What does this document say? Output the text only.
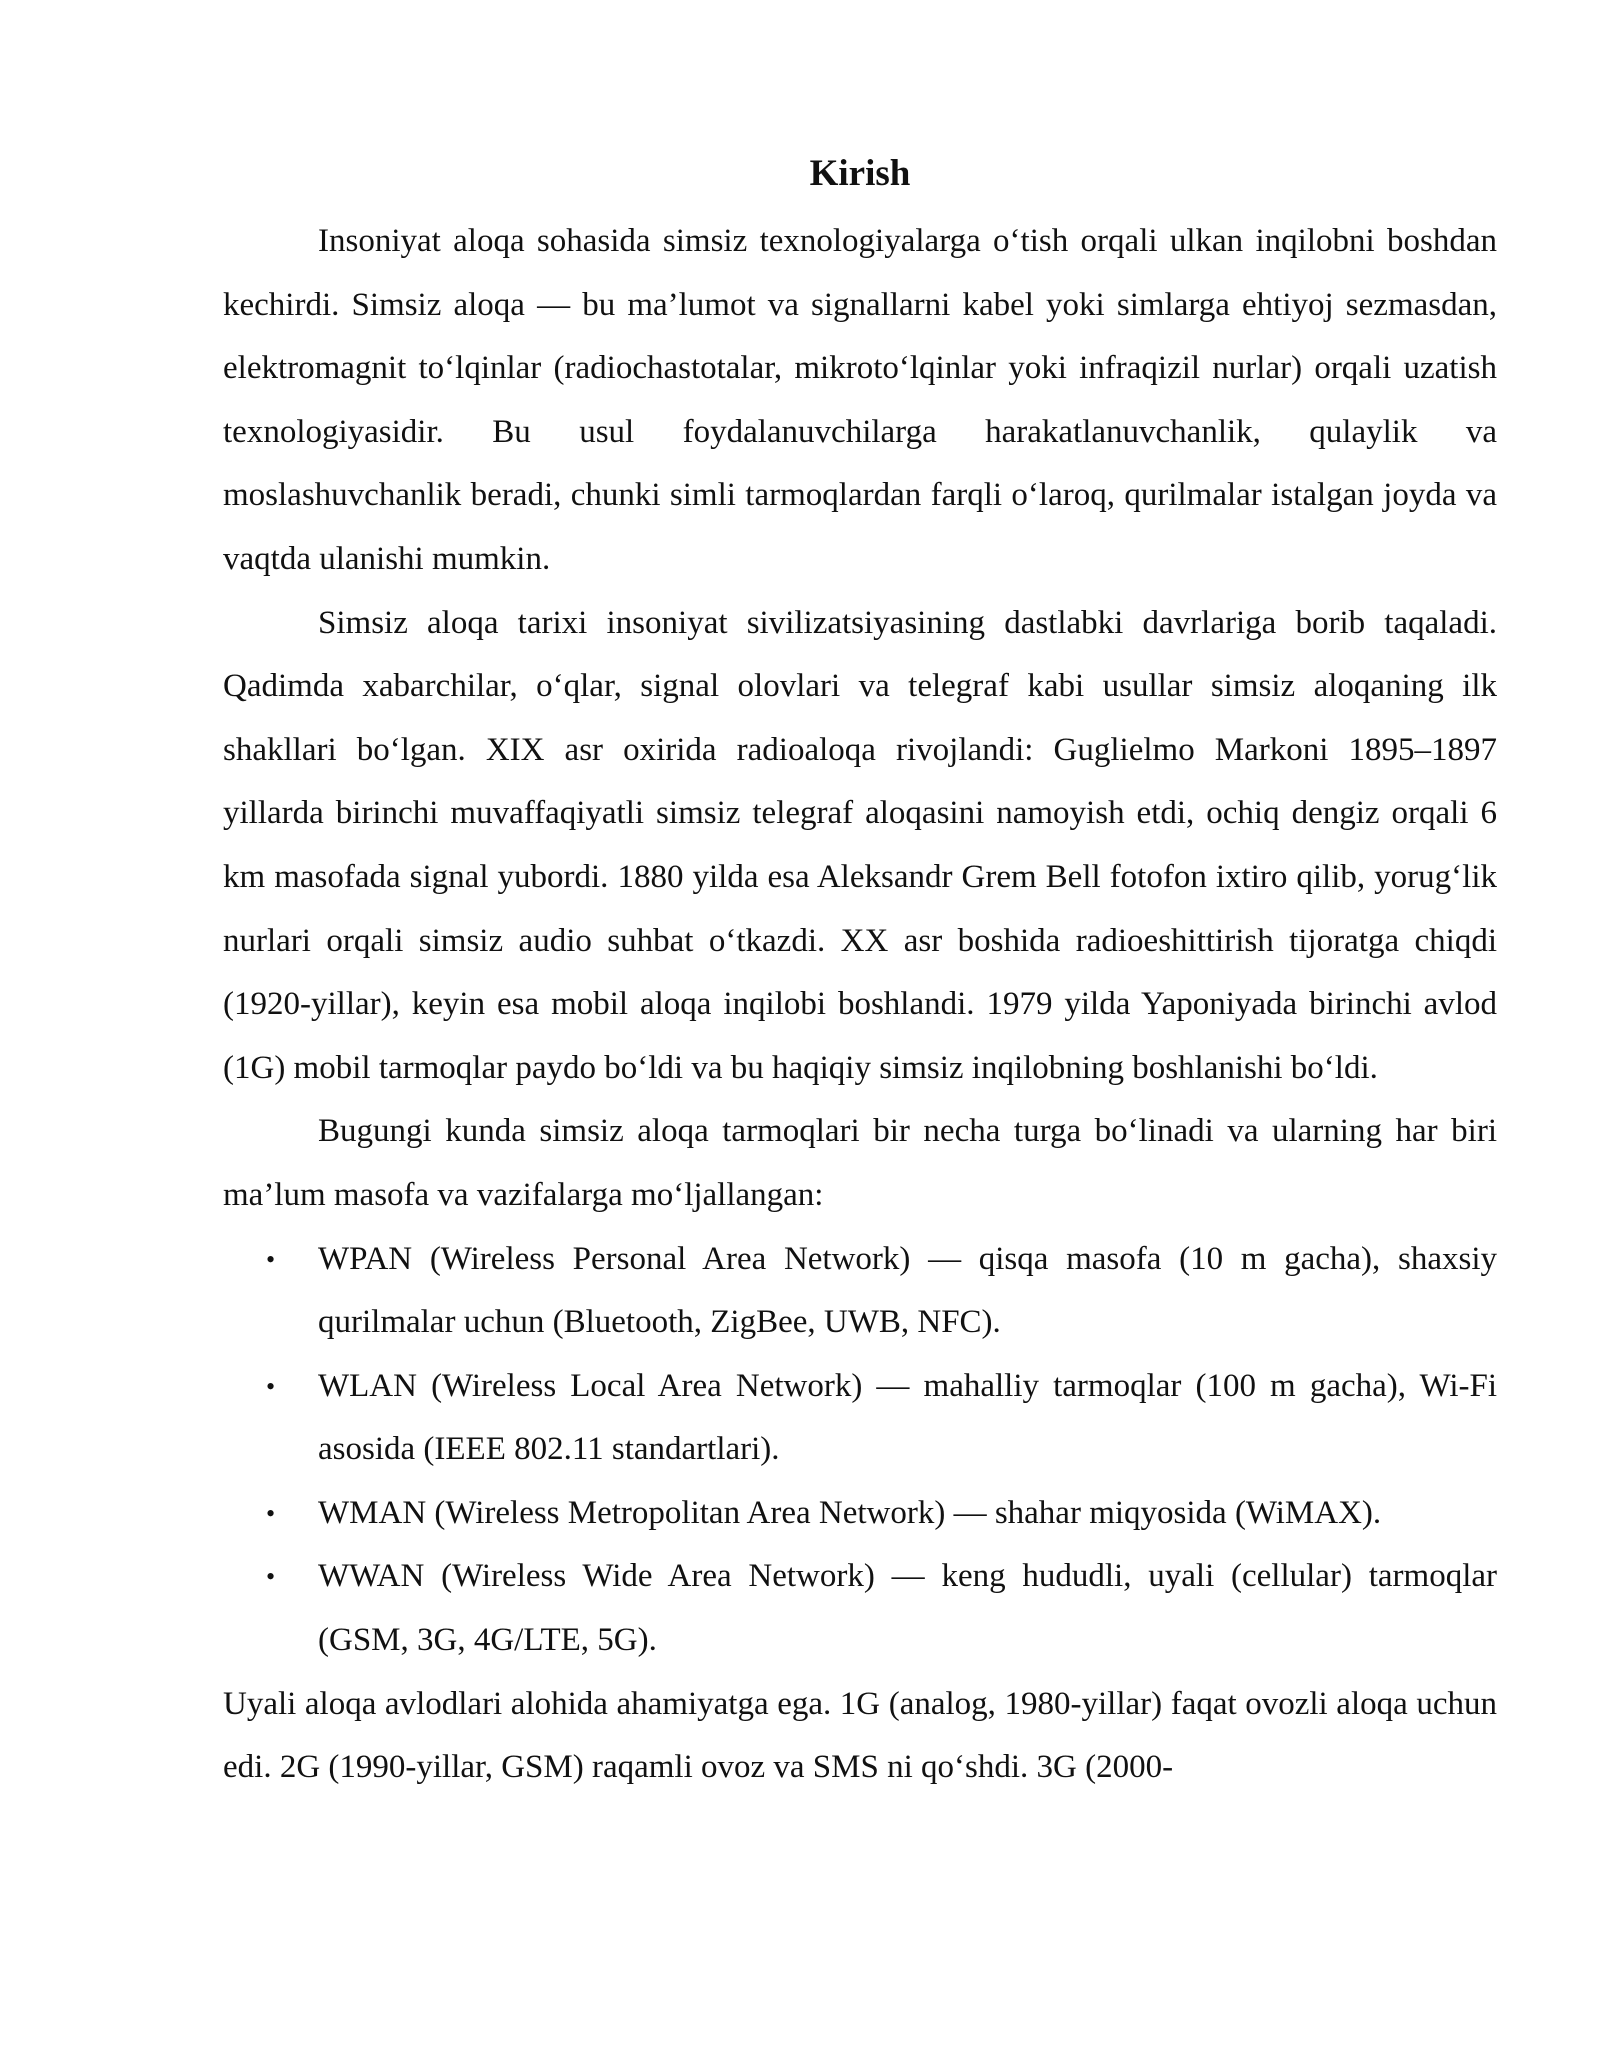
Kirish

Insoniyat aloqa sohasida simsiz texnologiyalarga o‘tish orqali ulkan inqilobni boshdan kechirdi. Simsiz aloqa — bu ma’lumot va signallarni kabel yoki simlarga ehtiyoj sezmasdan, elektromagnit to‘lqinlar (radiochastotalar, mikroto‘lqinlar yoki infraqizil nurlar) orqali uzatish texnologiyasidir. Bu usul foydalanuvchilarga harakatlanuvchanlik, qulaylik va moslashuvchanlik beradi, chunki simli tarmoqlardan farqli o‘laroq, qurilmalar istalgan joyda va vaqtda ulanishi mumkin.

Simsiz aloqa tarixi insoniyat sivilizatsiyasining dastlabki davrlariga borib taqaladi. Qadimda xabarchilar, o‘qlar, signal olovlari va telegraf kabi usullar simsiz aloqaning ilk shakllari bo‘lgan. XIX asr oxirida radioaloqa rivojlandi: Guglielmo Markoni 1895–1897 yillarda birinchi muvaffaqiyatli simsiz telegraf aloqasini namoyish etdi, ochiq dengiz orqali 6 km masofada signal yubordi. 1880 yilda esa Aleksandr Grem Bell fotofon ixtiro qilib, yorug‘lik nurlari orqali simsiz audio suhbat o‘tkazdi. XX asr boshida radioeshittirish tijoratga chiqdi (1920-yillar), keyin esa mobil aloqa inqilobi boshlandi. 1979 yilda Yaponiyada birinchi avlod (1G) mobil tarmoqlar paydo bo‘ldi va bu haqiqiy simsiz inqilobning boshlanishi bo‘ldi.

Bugungi kunda simsiz aloqa tarmoqlari bir necha turga bo‘linadi va ularning har biri ma’lum masofa va vazifalarga mo‘ljallangan:

• WPAN (Wireless Personal Area Network) — qisqa masofa (10 m gacha), shaxsiy qurilmalar uchun (Bluetooth, ZigBee, UWB, NFC).
• WLAN (Wireless Local Area Network) — mahalliy tarmoqlar (100 m gacha), Wi-Fi asosida (IEEE 802.11 standartlari).
• WMAN (Wireless Metropolitan Area Network) — shahar miqyosida (WiMAX).
• WWAN (Wireless Wide Area Network) — keng hududli, uyali (cellular) tarmoqlar (GSM, 3G, 4G/LTE, 5G).

Uyali aloqa avlodlari alohida ahamiyatga ega. 1G (analog, 1980-yillar) faqat ovozli aloqa uchun edi. 2G (1990-yillar, GSM) raqamli ovoz va SMS ni qo‘shdi. 3G (2000-
